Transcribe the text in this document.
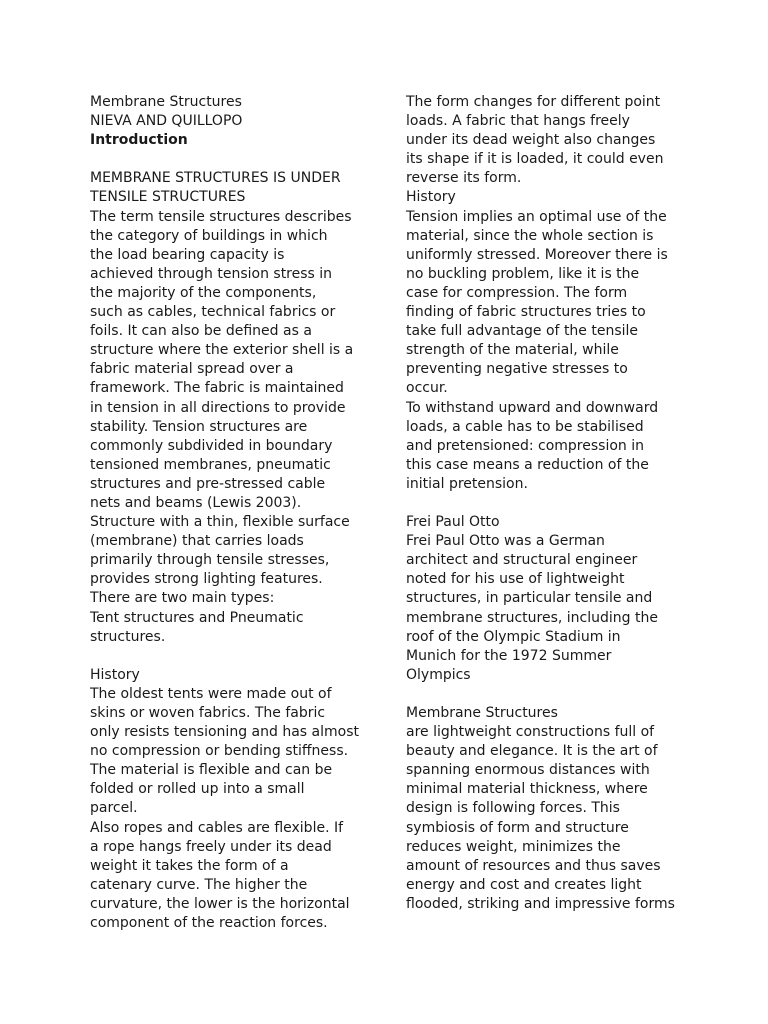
Membrane Structures
NIEVA AND QUILLOPO
Introduction
MEMBRANE STRUCTURES IS UNDER
TENSILE STRUCTURES
The term tensile structures describes
the category of buildings in which
the load bearing capacity is
achieved through tension stress in
the majority of the components,
such as cables, technical fabrics or
foils. It can also be defined as a
structure where the exterior shell is a
fabric material spread over a
framework. The fabric is maintained
in tension in all directions to provide
stability. Tension structures are
commonly subdivided in boundary
tensioned membranes, pneumatic
structures and pre-stressed cable
nets and beams (Lewis 2003).
Structure with a thin, flexible surface
(membrane) that carries loads
primarily through tensile stresses,
provides strong lighting features.
There are two main types:
Tent structures and Pneumatic
structures.
History
The oldest tents were made out of
skins or woven fabrics. The fabric
only resists tensioning and has almost
no compression or bending stiffness.
The material is flexible and can be
folded or rolled up into a small
parcel.
Also ropes and cables are flexible. If
a rope hangs freely under its dead
weight it takes the form of a
catenary curve. The higher the
curvature, the lower is the horizontal
component of the reaction forces.
The form changes for different point
loads. A fabric that hangs freely
under its dead weight also changes
its shape if it is loaded, it could even
reverse its form.
History
Tension implies an optimal use of the
material, since the whole section is
uniformly stressed. Moreover there is
no buckling problem, like it is the
case for compression. The form
finding of fabric structures tries to
take full advantage of the tensile
strength of the material, while
preventing negative stresses to
occur.
To withstand upward and downward
loads, a cable has to be stabilised
and pretensioned: compression in
this case means a reduction of the
initial pretension.
Frei Paul Otto
Frei Paul Otto was a German
architect and structural engineer
noted for his use of lightweight
structures, in particular tensile and
membrane structures, including the
roof of the Olympic Stadium in
Munich for the 1972 Summer
Olympics
Membrane Structures
are lightweight constructions full of
beauty and elegance. It is the art of
spanning enormous distances with
minimal material thickness, where
design is following forces. This
symbiosis of form and structure
reduces weight, minimizes the
amount of resources and thus saves
energy and cost and creates light
flooded, striking and impressive forms
